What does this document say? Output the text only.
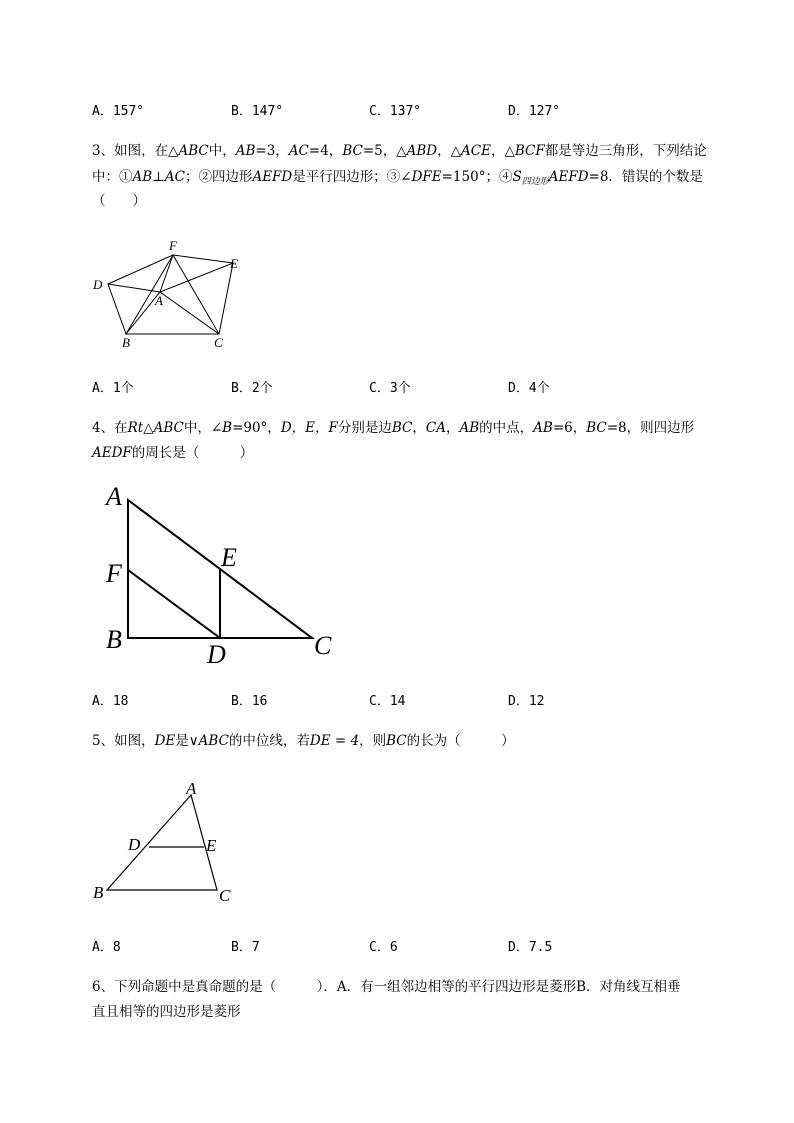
A．157°	B．147°	C．137°	D．127°
3、如图，在△ABC中，AB=3，AC=4，BC=5，△ABD，△ACE，△BCF都是等边三角形，下列结论
中：①AB⊥AC；②四边形AEFD是平行四边形；③∠DFE=150°；$④S_{四边形}AEFD=8$．错误的个数是
（　　）
F
E
D
A
B	C
A．1个	B．2个	C．3个	D．4个
4、在Rt△ABC中，∠B=90°，D，E，F分别是边BC，CA，AB的中点，AB=6，BC=8，则四边形
AEDF的周长是（　　　）
A
E
F
B
D	C
A．18	B．16	C．14	D．12
5、如图，DE是∨ABC的中位线，若DE = 4，则BC的长为（　　　）
A
D	E
B	C
A．8	B．7	C．6	D．7.5
6、下列命题中是真命题的是（　　　）．A．有一组邻边相等的平行四边形是菱形B．对角线互相垂
直且相等的四边形是菱形
